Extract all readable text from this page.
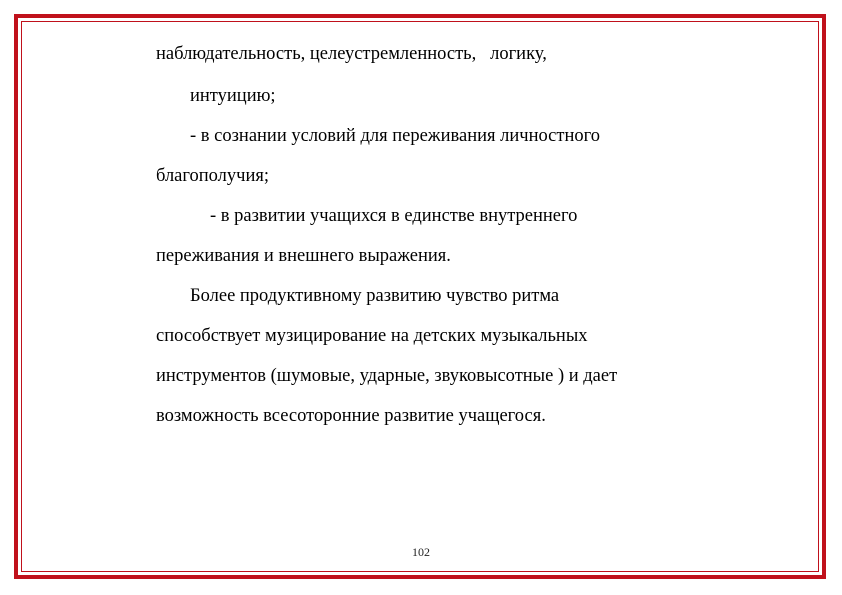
наблюдательность, целеустремленность,   логику,
интуицию;
- в сознании условий для переживания личностного
благополучия;
- в развитии учащихся в единстве внутреннего
переживания и внешнего выражения.
Более продуктивному развитию чувство ритма
способствует музицирование на детских музыкальных
инструментов (шумовые, ударные, звуковысотные ) и дает
возможность всесоторонние развитие учащегося.
102
